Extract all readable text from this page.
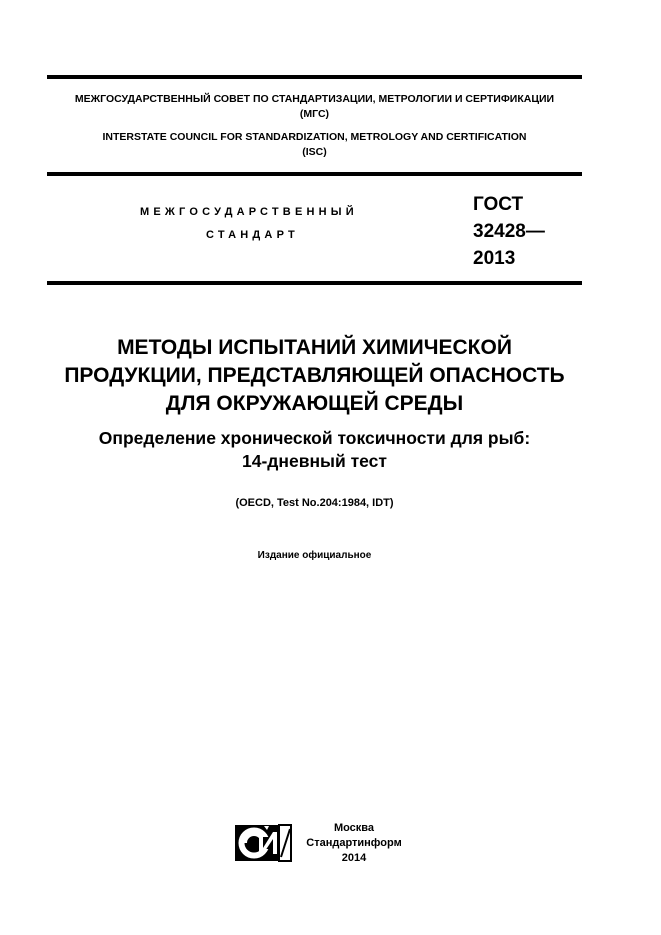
МЕЖГОСУДАРСТВЕННЫЙ СОВЕТ ПО СТАНДАРТИЗАЦИИ, МЕТРОЛОГИИ И СЕРТИФИКАЦИИ
(МГС)
INTERSTATE COUNCIL FOR STANDARDIZATION, METROLOGY AND CERTIFICATION
(ISC)
МЕЖГОСУДАРСТВЕННЫЙ
СТАНДАРТ
ГОСТ
32428—
2013
МЕТОДЫ ИСПЫТАНИЙ ХИМИЧЕСКОЙ
ПРОДУКЦИИ, ПРЕДСТАВЛЯЮЩЕЙ ОПАСНОСТЬ
ДЛЯ ОКРУЖАЮЩЕЙ СРЕДЫ
Определение хронической токсичности для рыб:
14-дневный тест
(OECD, Test No.204:1984, IDT)
Издание официальное
Москва
Стандартинформ
2014
